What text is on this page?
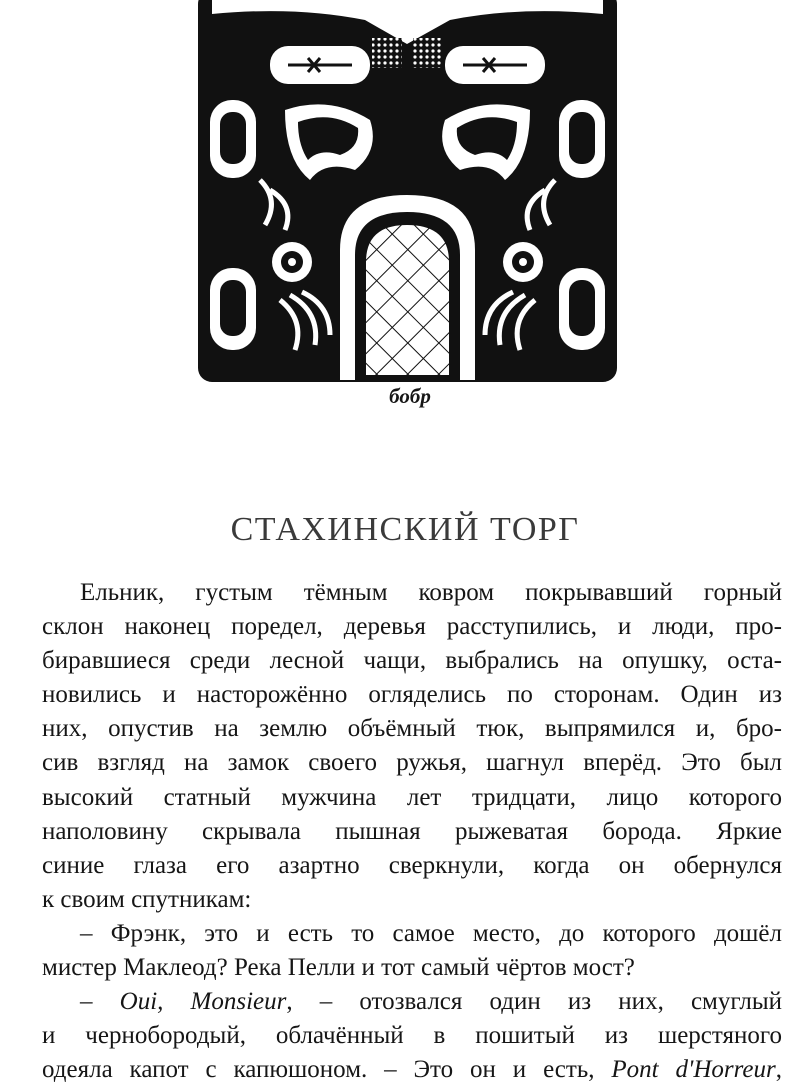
бобр
СТАХИНСКИЙ ТОРГ
Ельник, густым тёмным ковром покрывавший горный
склон наконец поредел, деревья расступились, и люди, про-
биравшиеся среди лесной чащи, выбрались на опушку, оста-
новились и насторожённо огляделись по сторонам. Один из
них, опустив на землю объёмный тюк, выпрямился и, бро-
сив взгляд на замок своего ружья, шагнул вперёд. Это был
высокий статный мужчина лет тридцати, лицо которого
наполовину скрывала пышная рыжеватая борода. Яркие
синие глаза его азартно сверкнули, когда он обернулся
к своим спутникам:
– Фрэнк, это и есть то самое место, до которого дошёл
мистер Маклеод? Река Пелли и тот самый чёртов мост?
– Oui, Monsieur, – отозвался один из них, смуглый
и чернобородый, облачённый в пошитый из шерстяного
одеяла капот с капюшоном. – Это он и есть, Pont d'Horreur,
